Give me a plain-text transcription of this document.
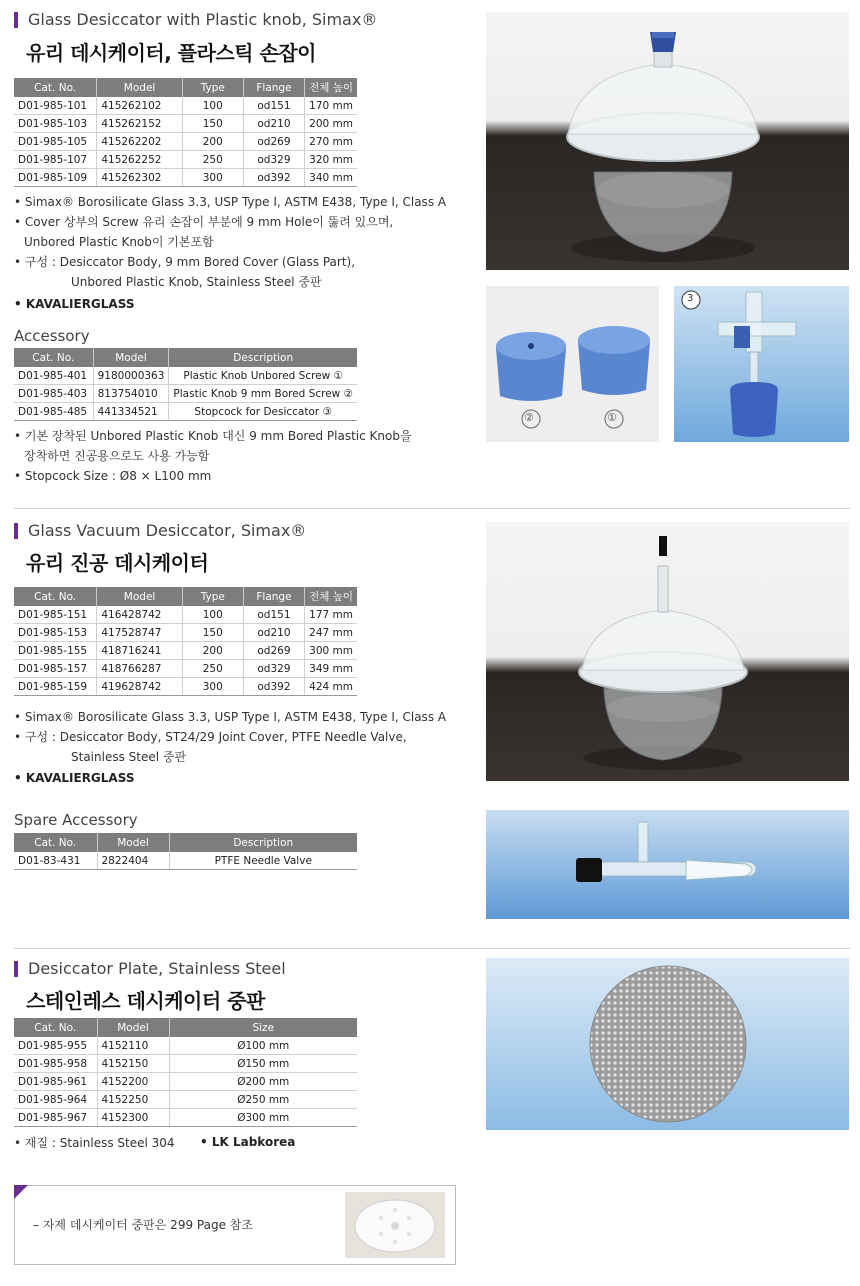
Glass Desiccator with Plastic knob, Simax®
유리 데시케이터, 플라스틱 손잡이
Cat. No.	Model	Type	Flange	전체 높이
D01-985-101	415262102	100	od151	170 mm
D01-985-103	415262152	150	od210	200 mm
D01-985-105	415262202	200	od269	270 mm
D01-985-107	415262252	250	od329	320 mm
D01-985-109	415262302	300	od392	340 mm
• Simax® Borosilicate Glass 3.3, USP Type I, ASTM E438, Type I, Class A
• Cover 상부의 Screw 유리 손잡이 부분에 9 mm Hole이 뚫려 있으며,
Unbored Plastic Knob이 기본포함
• 구성 : Desiccator Body, 9 mm Bored Cover (Glass Part),
Unbored Plastic Knob, Stainless Steel 중판
• KAVALIERGLASS
Accessory
Cat. No.	Model	Description
D01-985-401	9180000363	Plastic Knob Unbored Screw ①
D01-985-403	813754010	Plastic Knob 9 mm Bored Screw ②
D01-985-485	441334521	Stopcock for Desiccator ③
• 기본 장착된 Unbored Plastic Knob 대신 9 mm Bored Plastic Knob을
장착하면 진공용으로도 사용 가능함
• Stopcock Size : Ø8 × L100 mm
②	①
3
Glass Vacuum Desiccator, Simax®
유리 진공 데시케이터
Cat. No.	Model	Type	Flange	전체 높이
D01-985-151	416428742	100	od151	177 mm
D01-985-153	417528747	150	od210	247 mm
D01-985-155	418716241	200	od269	300 mm
D01-985-157	418766287	250	od329	349 mm
D01-985-159	419628742	300	od392	424 mm
• Simax® Borosilicate Glass 3.3, USP Type I, ASTM E438, Type I, Class A
• 구성 : Desiccator Body, ST24/29 Joint Cover, PTFE Needle Valve,
Stainless Steel 중판
• KAVALIERGLASS
Spare Accessory
Cat. No.	Model	Description
D01-83-431	2822404	PTFE Needle Valve
Desiccator Plate, Stainless Steel
스테인레스 데시케이터 중판
Cat. No.	Model	Size
D01-985-955	4152110	Ø100 mm
D01-985-958	4152150	Ø150 mm
D01-985-961	4152200	Ø200 mm
D01-985-964	4152250	Ø250 mm
D01-985-967	4152300	Ø300 mm
• 재질 : Stainless Steel 304 • LK Labkorea
– 자제 데시케이터 중판은 299 Page 참조
